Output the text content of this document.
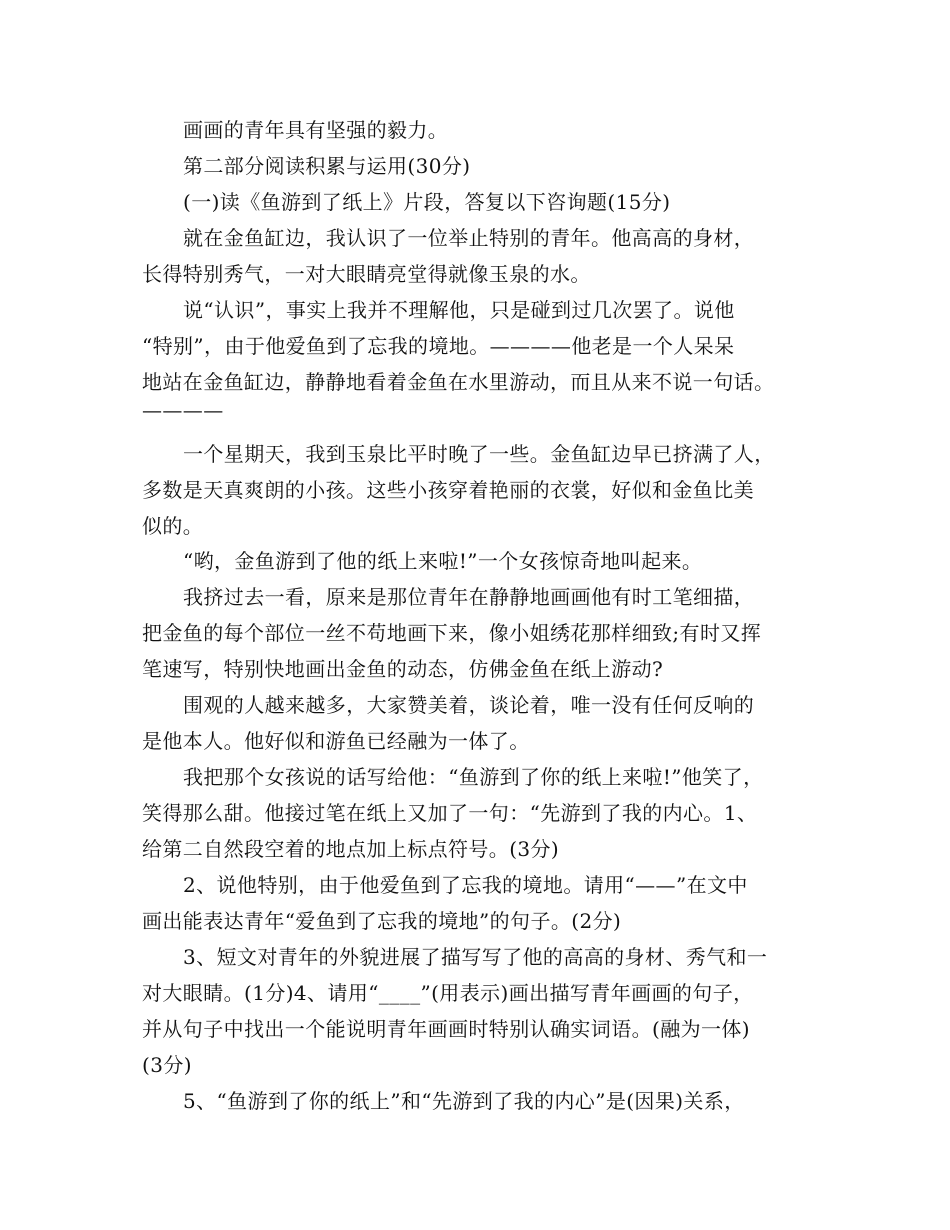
画画的青年具有坚强的毅力。
第二部分阅读积累与运用(30分)
(一)读《鱼游到了纸上》片段，答复以下咨询题(15分)
就在金鱼缸边，我认识了一位举止特别的青年。他高高的身材，
长得特别秀气，一对大眼睛亮堂得就像玉泉的水。
说“认识”，事实上我并不理解他，只是碰到过几次罢了。说他
“特别”，由于他爱鱼到了忘我的境地。————他老是一个人呆呆
地站在金鱼缸边，静静地看着金鱼在水里游动，而且从来不说一句话。
————
一个星期天，我到玉泉比平时晚了一些。金鱼缸边早已挤满了人，
多数是天真爽朗的小孩。这些小孩穿着艳丽的衣裳，好似和金鱼比美
似的。
“哟，金鱼游到了他的纸上来啦!”一个女孩惊奇地叫起来。
我挤过去一看，原来是那位青年在静静地画画他有时工笔细描，
把金鱼的每个部位一丝不苟地画下来，像小姐绣花那样细致;有时又挥
笔速写，特别快地画出金鱼的动态，仿佛金鱼在纸上游动?
围观的人越来越多，大家赞美着，谈论着，唯一没有任何反响的
是他本人。他好似和游鱼已经融为一体了。
我把那个女孩说的话写给他：“鱼游到了你的纸上来啦!”他笑了，
笑得那么甜。他接过笔在纸上又加了一句：“先游到了我的内心。1、
给第二自然段空着的地点加上标点符号。(3分)
2、说他特别，由于他爱鱼到了忘我的境地。请用“——”在文中
画出能表达青年“爱鱼到了忘我的境地”的句子。(2分)
3、短文对青年的外貌进展了描写写了他的高高的身材、秀气和一
对大眼睛。(1分)4、请用“____”(用表示)画出描写青年画画的句子，
并从句子中找出一个能说明青年画画时特别认确实词语。(融为一体)
(3分)
5、“鱼游到了你的纸上”和“先游到了我的内心”是(因果)关系，
